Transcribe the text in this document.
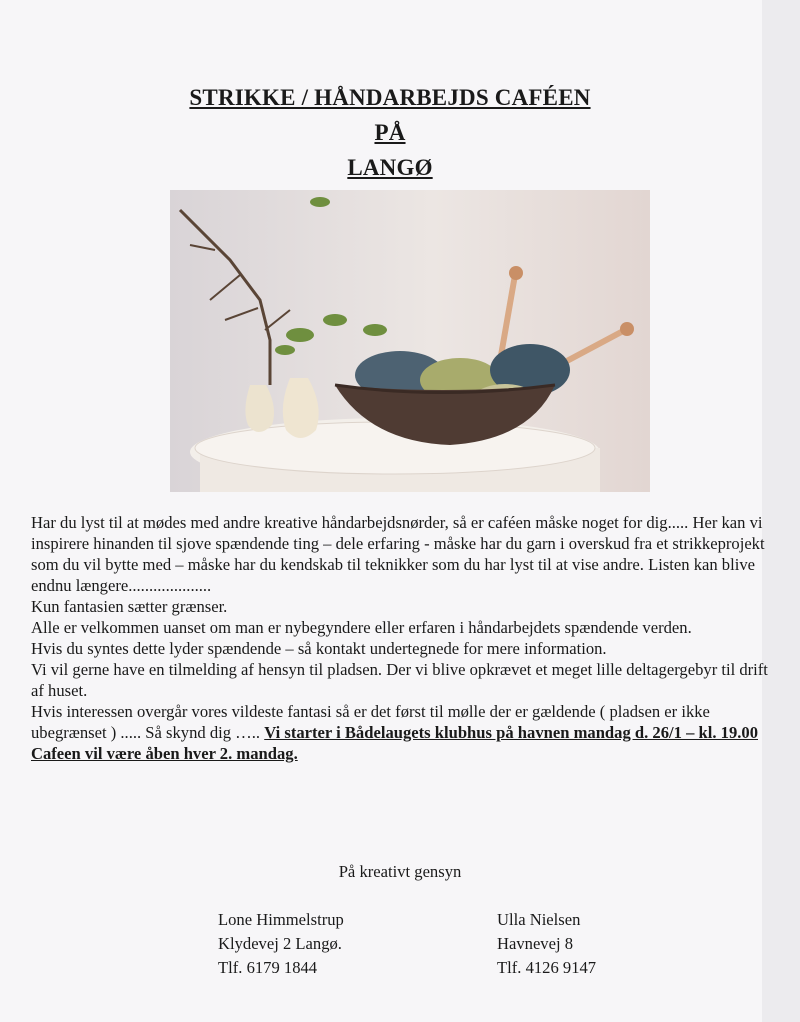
STRIKKE / HÅNDARBEJDS CAFÉEN
PÅ
LANGØ

Har du lyst til at mødes med andre kreative håndarbejdsnørder, så er caféen måske noget for dig..... Her kan vi inspirere hinanden til sjove spændende ting – dele erfaring - måske har du garn i overskud fra et strikkeprojekt som du vil bytte med – måske har du kendskab til teknikker som du har lyst til at vise andre. Listen kan blive endnu længere....................

Kun fantasien sætter grænser.

Alle er velkommen uanset om man er nybegyndere eller erfaren i håndarbejdets spændende verden.

Hvis du syntes dette lyder spændende – så kontakt undertegnede for mere information.

Vi vil gerne have en tilmelding af hensyn til pladsen. Der vi blive opkrævet et meget lille deltagergebyr til drift af huset.

Hvis interessen overgår vores vildeste fantasi så er det først til mølle der er gældende ( pladsen er ikke ubegrænset ) ..... Så skynd dig ….. Vi starter i Bådelaugets klubhus på havnen mandag d. 26/1 – kl. 19.00

Cafeen vil være åben hver 2. mandag.

På kreativt gensyn
Lone Himmelstrup
Klydevej 2 Langø.
Tlf. 6179 1844
Ulla Nielsen
Havnevej 8
Tlf. 4126 9147
